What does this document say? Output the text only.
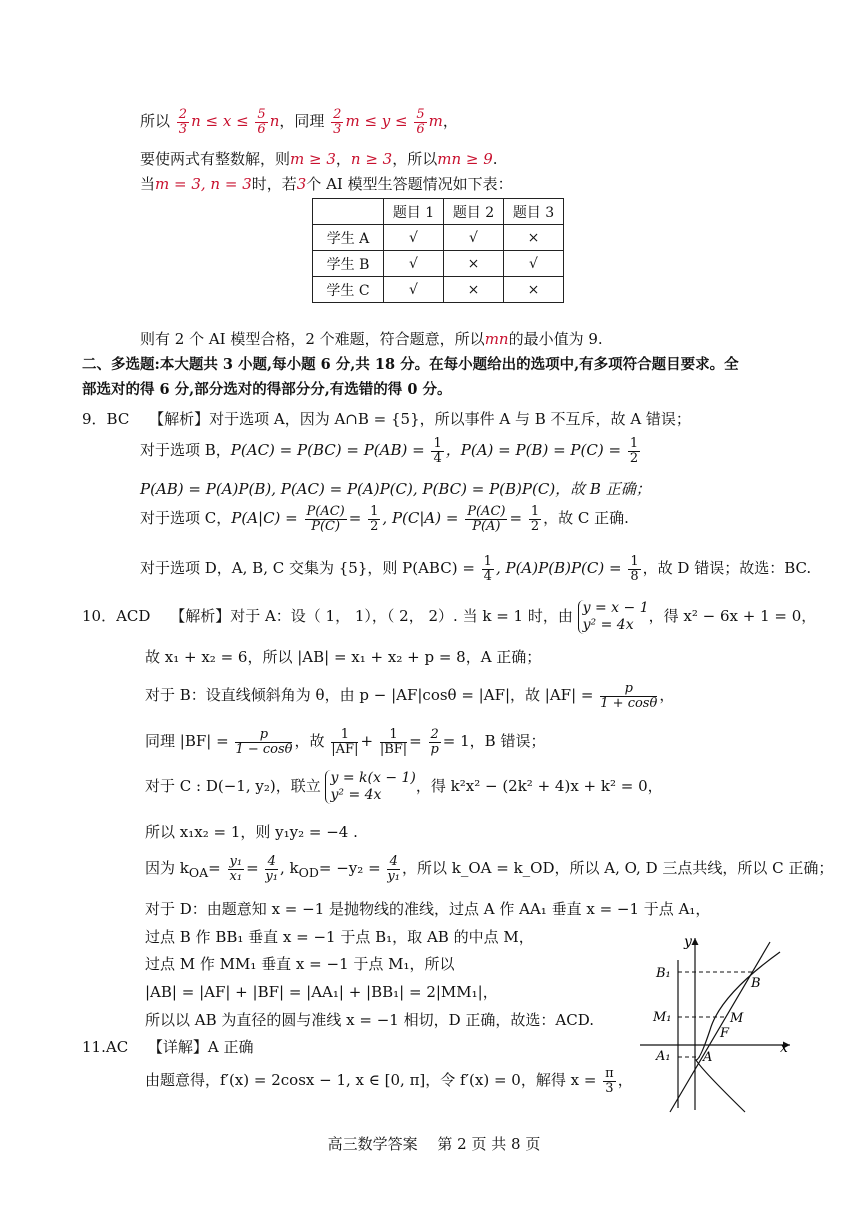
所以 $\frac{2}{3}$ $n \le x \le \frac{5}{6}$ n，同理 $\frac{2}{3}$ $m \le y \le \frac{5}{6}$ m，
要使两式有整数解，则m ≥ 3，n ≥ 3，所以mn ≥ 9.
当m = 3, n = 3时，若3个 AI 模型生答题情况如下表：
	题目 1	题目 2	题目 3
学生 A	√	√	×
学生 B	√	×	√
学生 C	√	×	×
则有 2 个 AI 模型合格，2 个难题，符合题意，所以mn的最小值为 9.
二、多选题:本大题共 3 小题,每小题 6 分,共 18 分。在每小题给出的选项中,有多项符合题目要求。全
部选对的得 6 分,部分选对的得部分分,有选错的得 0 分。
9．BC　 【解析】对于选项 A，因为 A∩B = {5}，所以事件 A 与 B 不互斥，故 A 错误；
对于选项 B，$P(AC) = P(BC) = P(AB) = \frac{1}{4}$ ，$P(A) = P(B) = P(C) = \frac{1}{2}$
P(AB) = P(A)P(B), P(AC) = P(A)P(C), P(BC) = P(B)P(C)，故 B 正确；
对于选项 C，$P(A|C) = \frac{P(AC)}{P(C)} = \frac{1}{2}$ , $P(C|A) = \frac{P(AC)}{P(A)} = \frac{1}{2}$ ，故 C 正确.
对于选项 D，A, B, C 交集为 {5}，则 $P(ABC) = \frac{1}{4}$ , $P(A)P(B)P(C) = \frac{1}{8}$ ，故 D 错误；故选：BC.
10．ACD　 【解析】对于 A：设（ 1， 1），（ 2， 2）. 当 k = 1 时，由 y = x − 1
y² = 4x	，得 x² − 6x + 1 = 0，
故 x₁ + x₂ = 6，所以 |AB| = x₁ + x₂ + p = 8，A 正确；
对于 B：设直线倾斜角为 θ，由 p − |AF|cosθ = |AF|，故 $|AF| = \frac{p}{1 + \cos\theta}$ ，
同理 $|BF| = \frac{p}{1 - \cos\theta}$ ，故 $\frac{1}{|AF|} + \frac{1}{|BF|} = \frac{2}{p} = 1$，B 错误；
对于 C : D(−1, y₂)，联立 y = k(x − 1)
y² = 4x	，得 k²x² − (2k² + 4)x + k² = 0，
所以 x₁x₂ = 1，则 y₁y₂ = −4 .
因为 $k_{OA}= \frac{\text{y₁}}{\text{x₁}} = \frac{4}{\text{y₁}}$ , $k_{OD}= -y_2 = \frac{4}{\text{y₁}}$ ，所以 k_OA = k_OD，所以 A, O, D 三点共线，所以 C 正确；
对于 D：由题意知 x = −1 是抛物线的准线，过点 A 作 AA₁ 垂直 x = −1 于点 A₁，
过点 B 作 BB₁ 垂直 x = −1 于点 B₁，取 AB 的中点 M，
过点 M 作 MM₁ 垂直 x = −1 于点 M₁，所以
|AB| = |AF| + |BF| = |AA₁| + |BB₁| = 2|MM₁|，
所以以 AB 为直径的圆与准线 x = −1 相切，D 正确，故选：ACD.
11.AC　 【详解】A 正确
由题意得，f′(x) = 2cosx − 1, x ∈ [0, π]，令 f′(x) = 0，解得 $x = \frac{\pi}{3}$ ，
y
x
B₁
B
M₁	M
F
A₁ A
高三数学答案　 第 2 页 共 8 页
